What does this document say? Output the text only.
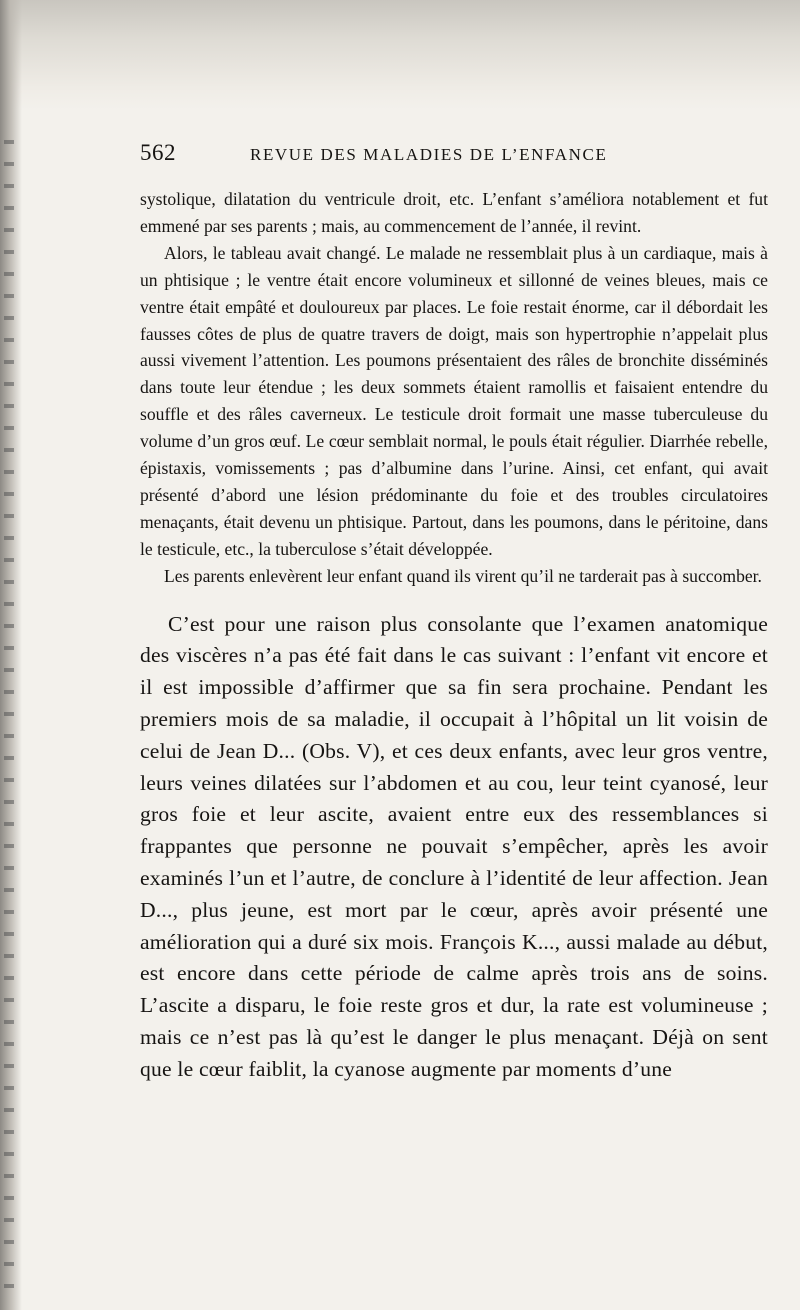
562	REVUE DES MALADIES DE L’ENFANCE

systolique, dilatation du ventricule droit, etc. L’enfant s’améliora notablement et fut emmené par ses parents ; mais, au commencement de l’année, il revint.

Alors, le tableau avait changé. Le malade ne ressemblait plus à un cardiaque, mais à un phtisique ; le ventre était encore volumineux et sillonné de veines bleues, mais ce ventre était empâté et douloureux par places. Le foie restait énorme, car il débordait les fausses côtes de plus de quatre travers de doigt, mais son hypertrophie n’appelait plus aussi vivement l’attention. Les poumons présentaient des râles de bronchite disséminés dans toute leur étendue ; les deux sommets étaient ramollis et faisaient entendre du souffle et des râles caverneux. Le testicule droit formait une masse tuberculeuse du volume d’un gros œuf. Le cœur semblait normal, le pouls était régulier. Diarrhée rebelle, épistaxis, vomissements ; pas d’albumine dans l’urine. Ainsi, cet enfant, qui avait présenté d’abord une lésion prédominante du foie et des troubles circulatoires menaçants, était devenu un phtisique. Partout, dans les poumons, dans le péritoine, dans le testicule, etc., la tuberculose s’était développée.

Les parents enlevèrent leur enfant quand ils virent qu’il ne tarderait pas à succomber.

C’est pour une raison plus consolante que l’examen anatomique des viscères n’a pas été fait dans le cas suivant : l’enfant vit encore et il est impossible d’affirmer que sa fin sera prochaine. Pendant les premiers mois de sa maladie, il occupait à l’hôpital un lit voisin de celui de Jean D... (Obs. V), et ces deux enfants, avec leur gros ventre, leurs veines dilatées sur l’abdomen et au cou, leur teint cyanosé, leur gros foie et leur ascite, avaient entre eux des ressemblances si frappantes que personne ne pouvait s’empêcher, après les avoir examinés l’un et l’autre, de conclure à l’identité de leur affection. Jean D..., plus jeune, est mort par le cœur, après avoir présenté une amélioration qui a duré six mois. François K..., aussi malade au début, est encore dans cette période de calme après trois ans de soins. L’ascite a disparu, le foie reste gros et dur, la rate est volumineuse ; mais ce n’est pas là qu’est le danger le plus menaçant. Déjà on sent que le cœur faiblit, la cyanose augmente par moments d’une
